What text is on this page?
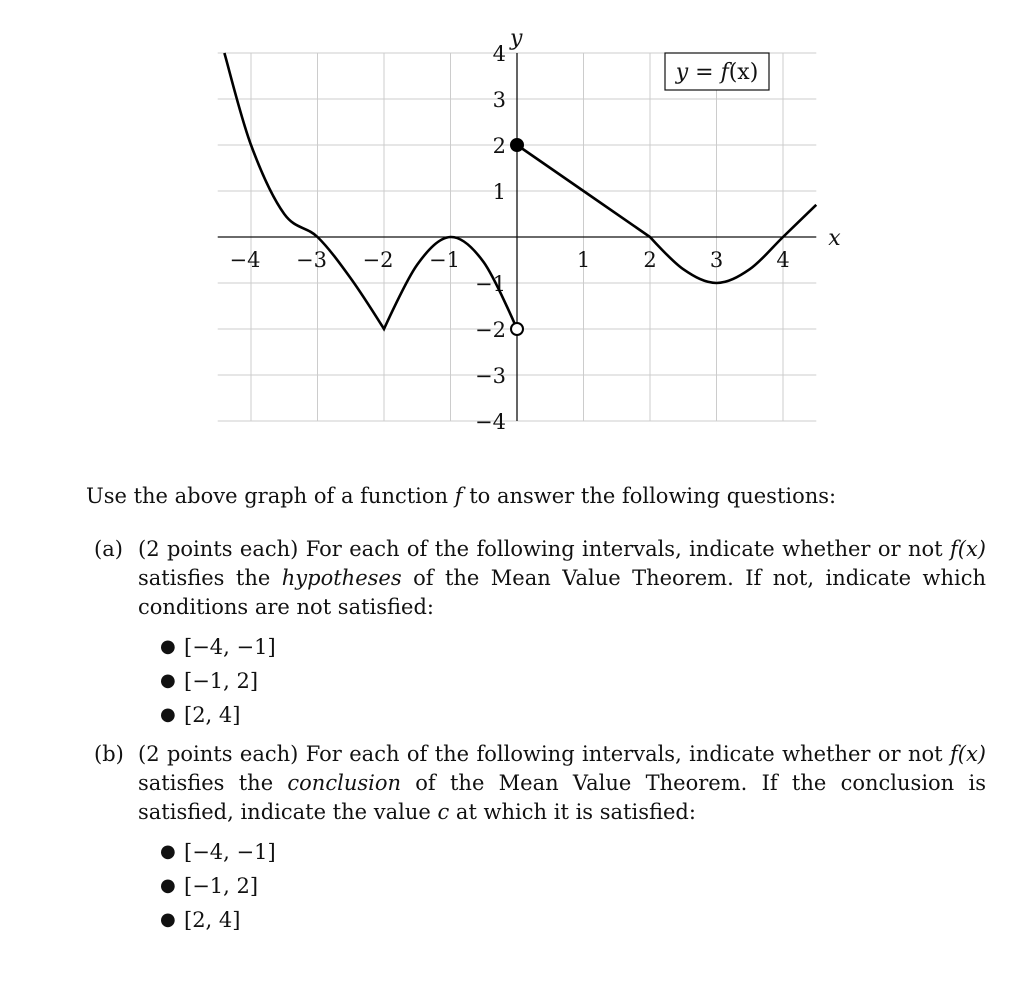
−4 −3 −2 −1	1	2	3	4
4
3
2
1
−1
−2
−3
−4
x
y
y = f(x)

Use the above graph of a function f to answer the following questions:

(a) (2 points each) For each of the following intervals, indicate whether or not f(x) satisfies the hypotheses of the Mean Value Theorem. If not, indicate which conditions are not satisfied:

● [−4, −1]
● [−1, 2]
● [2, 4]
(b) (2 points each) For each of the following intervals, indicate whether or not f(x) satisfies the conclusion of the Mean Value Theorem. If the conclusion is satisfied, indicate the value c at which it is satisfied:

● [−4, −1]
● [−1, 2]
● [2, 4]
